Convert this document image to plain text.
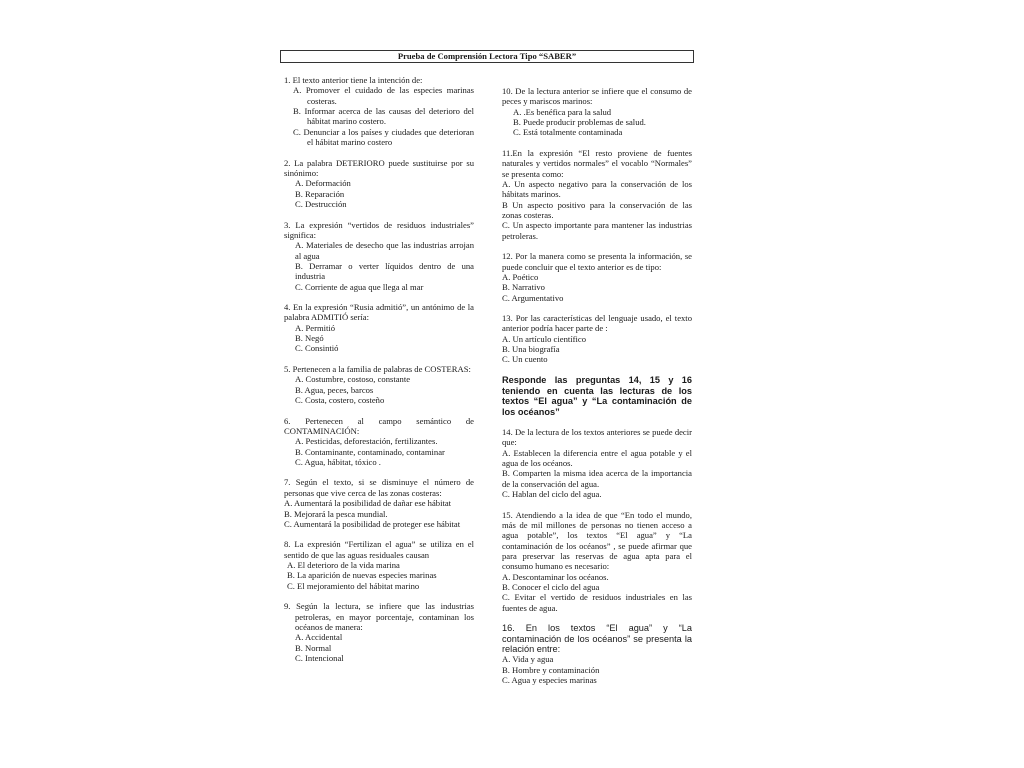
Prueba de Comprensión Lectora Tipo “SABER”
1. El texto anterior tiene la intención de:
A. Promover el cuidado de las especies marinas costeras.
B. Informar acerca de las causas del deterioro del hábitat marino costero.
C. Denunciar a los países y ciudades que deterioran el hábitat marino costero
2. La palabra DETERIORO puede sustituirse por su sinónimo:
A. Deformación
B. Reparación
C. Destrucción
3. La expresión “vertidos de residuos industriales” significa:
A. Materiales de desecho que las industrias arrojan al agua
B. Derramar o verter líquidos dentro de una industria
C. Corriente de agua que llega al mar
4. En la expresión “Rusia admitió”, un antónimo de la palabra ADMITIÓ sería:
A. Permitió
B. Negó
C. Consintió
5. Pertenecen a la familia de palabras de COSTERAS:
A. Costumbre, costoso, constante
B. Agua, peces, barcos
C. Costa, costero, costeño
6. Pertenecen al campo semántico de CONTAMINACIÓN:
A. Pesticidas, deforestación, fertilizantes.
B. Contaminante, contaminado, contaminar
C. Agua, hábitat, tóxico .
7. Según el texto, si se disminuye el número de personas que vive cerca de las zonas costeras:
A. Aumentará la posibilidad de dañar ese hábitat
B. Mejorará la pesca mundial.
C. Aumentará la posibilidad de proteger ese hábitat
8. La expresión “Fertilizan el agua” se utiliza en el sentido de que las aguas residuales causan
A. El deterioro de la vida marina
B. La aparición de nuevas especies marinas
C. El mejoramiento del hábitat marino
9. Según la lectura, se infiere que las industrias petroleras, en mayor porcentaje, contaminan los océanos de manera:
A. Accidental
B. Normal
C. Intencional
10. De la lectura anterior se infiere que el consumo de peces y mariscos marinos:
A. .Es benéfica para la salud
B. Puede producir problemas de salud.
C. Está totalmente contaminada
11.En la expresión “El resto proviene de fuentes naturales y vertidos normales” el vocablo “Normales” se presenta como:
A. Un aspecto negativo para la conservación de los hábitats marinos.
B Un aspecto positivo para la conservación de las zonas costeras.
C. Un aspecto importante para mantener las industrias petroleras.
12. Por la manera como se presenta la información, se puede concluir que el texto anterior es de tipo:
A. Poético
B. Narrativo
C. Argumentativo
13. Por las características del lenguaje usado, el texto anterior podría hacer parte de :
A. Un artículo científico
B. Una biografía
C. Un cuento
Responde las preguntas 14, 15 y 16 teniendo en cuenta las lecturas de los textos “El agua” y “La contaminación de los océanos”
14. De la lectura de los textos anteriores se puede decir que:
A. Establecen la diferencia entre el agua potable y el agua de los océanos.
B. Comparten la misma idea acerca de la importancia de la conservación del agua.
C. Hablan del ciclo del agua.
15. Atendiendo a la idea de que “En todo el mundo, más de mil millones de personas no tienen acceso a agua potable”, los textos “El agua” y “La contaminación de los océanos” , se puede afirmar que para preservar las reservas de agua apta para el consumo humano es necesario:
A. Descontaminar los océanos.
B. Conocer el ciclo del agua
C. Evitar el vertido de residuos industriales en las fuentes de agua.
16. En los textos “El agua” y “La contaminación de los océanos” se presenta la relación entre:
A. Vida y agua
B. Hombre y contaminación
C. Agua y especies marinas
